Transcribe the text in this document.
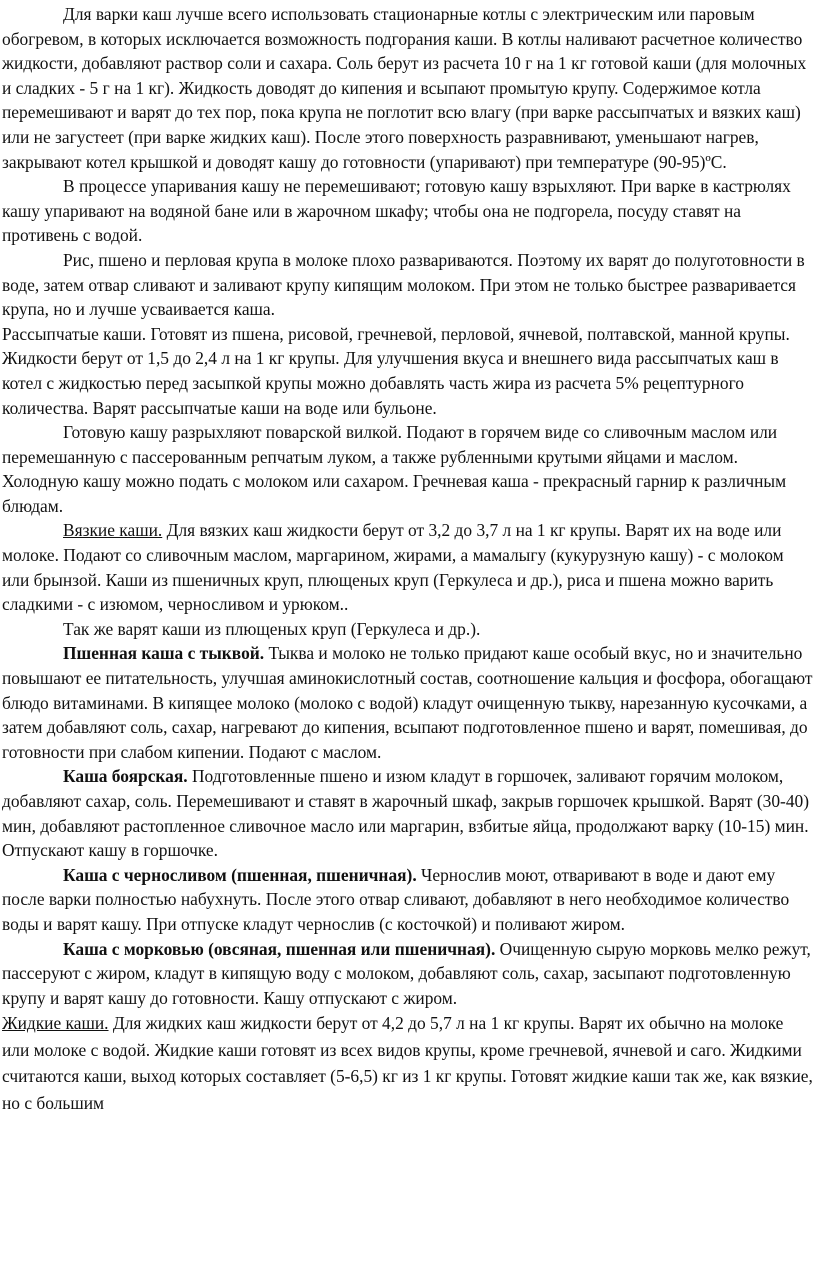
Для варки каш лучше всего использовать стационарные котлы с электрическим или паровым обогревом, в которых исключается возможность подгорания каши. В котлы наливают расчетное количество жидкости, добавляют раствор соли и сахара. Соль берут из расчета 10 г на 1 кг готовой каши (для молочных и сладких - 5 г на 1 кг). Жидкость доводят до кипения и всыпают промытую крупу. Содержимое котла перемешивают и варят до тех пор, пока крупа не поглотит всю влагу (при варке рассыпчатых и вязких каш) или не загустеет (при варке жидких каш). После этого поверхность разравнивают, уменьшают нагрев, закрывают котел крышкой и доводят кашу до готовности (упаривают) при температуре (90-95)ºC.

В процессе упаривания кашу не перемешивают; готовую кашу взрыхляют. При варке в кастрюлях кашу упаривают на водяной бане или в жарочном шкафу; чтобы она не подгорела, посуду ставят на противень с водой.

Рис, пшено и перловая крупа в молоке плохо развариваются. Поэтому их варят до полуготовности в воде, затем отвар сливают и заливают крупу кипящим молоком. При этом не только быстрее разваривается крупа, но и лучше усваивается каша.

Рассыпчатые каши. Готовят из пшена, рисовой, гречневой, перловой, ячневой, полтавской, манной крупы. Жидкости берут от 1,5 до 2,4 л на 1 кг крупы. Для улучшения вкуса и внешнего вида рассыпчатых каш в котел с жидкостью перед засыпкой крупы можно добавлять часть жира из расчета 5% рецептурного количества. Варят рассыпчатые каши на воде или бульоне.

Готовую кашу разрыхляют поварской вилкой. Подают в горячем виде со сливочным маслом или перемешанную с пассерованным репчатым луком, а также рубленными крутыми яйцами и маслом. Холодную кашу можно подать с молоком или сахаром. Гречневая каша - прекрасный гарнир к различным блюдам.

Вязкие каши. Для вязких каш жидкости берут от 3,2 до 3,7 л на 1 кг крупы. Варят их на воде или молоке. Подают со сливочным маслом, маргарином, жирами, а мамалыгу (кукурузную кашу) - с молоком или брынзой. Каши из пшеничных круп, плющеных круп (Геркулеса и др.), риса и пшена можно варить сладкими - с изюмом, черносливом и урюком..

Так же варят каши из плющеных круп (Геркулеса и др.).

Пшенная каша с тыквой. Тыква и молоко не только придают каше особый вкус, но и значительно повышают ее питательность, улучшая аминокислотный состав, соотношение кальция и фосфора, обогащают блюдо витаминами. В кипящее молоко (молоко с водой) кладут очищенную тыкву, нарезанную кусочками, а затем добавляют соль, сахар, нагревают до кипения, всыпают подготовленное пшено и варят, помешивая, до готовности при слабом кипении. Подают с маслом.

Каша боярская. Подготовленные пшено и изюм кладут в горшочек, заливают горячим молоком, добавляют сахар, соль. Перемешивают и ставят в жарочный шкаф, закрыв горшочек крышкой. Варят (30-40) мин, добавляют растопленное сливочное масло или маргарин, взбитые яйца, продолжают варку (10-15) мин. Отпускают кашу в горшочке.

Каша с черносливом (пшенная, пшеничная). Чернослив моют, отваривают в воде и дают ему после варки полностью набухнуть. После этого отвар сливают, добавляют в него необходимое количество воды и варят кашу. При отпуске кладут чернослив (с косточкой) и поливают жиром.

Каша с морковью (овсяная, пшенная или пшеничная). Очищенную сырую морковь мелко режут, пассеруют с жиром, кладут в кипящую воду с молоком, добавляют соль, сахар, засыпают подготовленную крупу и варят кашу до готовности. Кашу отпускают с жиром.

Жидкие каши. Для жидких каш жидкости берут от 4,2 до 5,7 л на 1 кг крупы. Варят их обычно на молоке или молоке с водой. Жидкие каши готовят из всех видов крупы, кроме гречневой, ячневой и саго. Жидкими считаются каши, выход которых составляет (5-6,5) кг из 1 кг крупы. Готовят жидкие каши так же, как вязкие, но с большим
